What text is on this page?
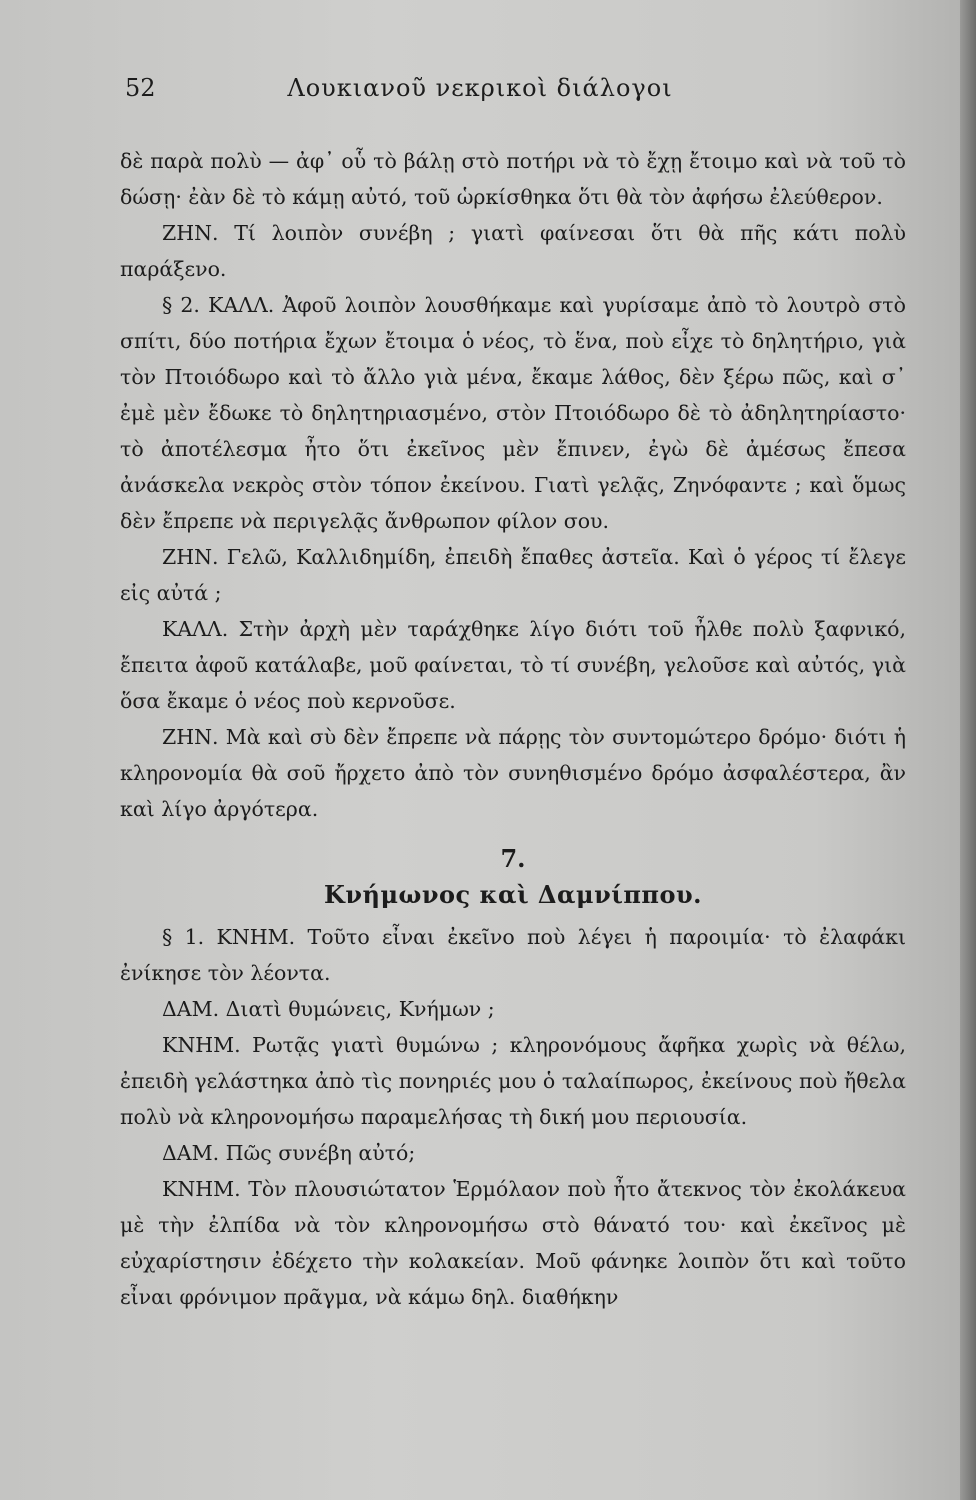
52	Λουκιανοῦ νεκρικοὶ διάλογοι

δὲ παρὰ πολὺ — ἀφ᾽ οὗ τὸ βάλῃ στὸ ποτήρι νὰ τὸ ἔχῃ ἔτοιμο καὶ νὰ τοῦ τὸ δώσῃ· ἐὰν δὲ τὸ κάμῃ αὐτό, τοῦ ὡρκίσθηκα ὅτι θὰ τὸν ἀφήσω ἐλεύθερον.

ΖΗΝ. Τί λοιπὸν συνέβη ; γιατὶ φαίνεσαι ὅτι θὰ πῆς κάτι πολὺ παράξενο.

§ 2. ΚΑΛΛ. Ἀφοῦ λοιπὸν λουσθήκαμε καὶ γυρίσαμε ἀπὸ τὸ λουτρὸ στὸ σπίτι, δύο ποτήρια ἔχων ἔτοιμα ὁ νέος, τὸ ἕνα, ποὺ εἶχε τὸ δηλητήριο, γιὰ τὸν Πτοιόδωρο καὶ τὸ ἄλλο γιὰ μένα, ἔκαμε λάθος, δὲν ξέρω πῶς, καὶ σ᾽ ἐμὲ μὲν ἔδωκε τὸ δηλητηριασμένο, στὸν Πτοιόδωρο δὲ τὸ ἀδηλητηρίαστο· τὸ ἀποτέλεσμα ἦτο ὅτι ἐκεῖνος μὲν ἔπινεν, ἐγὼ δὲ ἀμέσως ἔπεσα ἀνάσκελα νεκρὸς στὸν τόπον ἐκείνου. Γιατὶ γελᾷς, Ζηνόφαντε ; καὶ ὅμως δὲν ἔπρεπε νὰ περιγελᾷς ἄνθρωπον φίλον σου.

ΖΗΝ. Γελῶ, Καλλιδημίδη, ἐπειδὴ ἔπαθες ἀστεῖα. Καὶ ὁ γέρος τί ἔλεγε εἰς αὐτά ;

ΚΑΛΛ. Στὴν ἀρχὴ μὲν ταράχθηκε λίγο διότι τοῦ ἦλθε πολὺ ξαφνικό, ἔπειτα ἀφοῦ κατάλαβε, μοῦ φαίνεται, τὸ τί συνέβη, γελοῦσε καὶ αὐτός, γιὰ ὅσα ἔκαμε ὁ νέος ποὺ κερνοῦσε.

ΖΗΝ. Μὰ καὶ σὺ δὲν ἔπρεπε νὰ πάρῃς τὸν συντομώτερο δρόμο· διότι ἡ κληρονομία θὰ σοῦ ἤρχετο ἀπὸ τὸν συνηθισμένο δρόμο ἀσφαλέστερα, ἂν καὶ λίγο ἀργότερα.

7.

Κνήμωνος καὶ Δαμνίππου.

§ 1. ΚΝΗΜ. Τοῦτο εἶναι ἐκεῖνο ποὺ λέγει ἡ παροιμία· τὸ ἐλαφάκι ἐνίκησε τὸν λέοντα.

ΔΑΜ. Διατὶ θυμώνεις, Κνήμων ;

ΚΝΗΜ. Ρωτᾷς γιατὶ θυμώνω ; κληρονόμους ἄφῆκα χωρὶς νὰ θέλω, ἐπειδὴ γελάστηκα ἀπὸ τὶς πονηριές μου ὁ ταλαίπωρος, ἐκείνους ποὺ ἤθελα πολὺ νὰ κληρονομήσω παραμελήσας τὴ δική μου περιουσία.

ΔΑΜ. Πῶς συνέβη αὐτό;

ΚΝΗΜ. Τὸν πλουσιώτατον Ἑρμόλαον ποὺ ἦτο ἄτεκνος τὸν ἐκολάκευα μὲ τὴν ἐλπίδα νὰ τὸν κληρονομήσω στὸ θάνατό του· καὶ ἐκεῖνος μὲ εὐχαρίστησιν ἐδέχετο τὴν κολακείαν. Μοῦ φάνηκε λοιπὸν ὅτι καὶ τοῦτο εἶναι φρόνιμον πρᾶγμα, νὰ κάμω δηλ. διαθήκην
